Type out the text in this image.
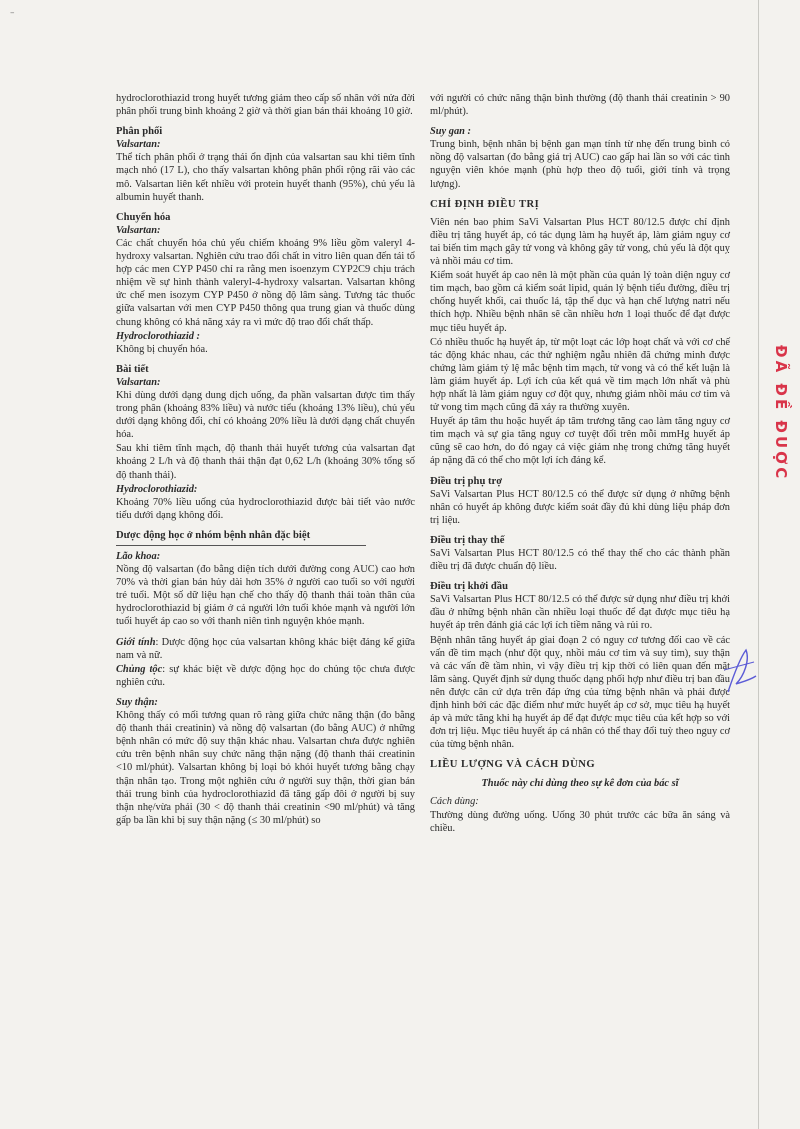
–

hydroclorothiazid trong huyết tương giảm theo cấp số nhân với nửa đời phân phối trung bình khoảng 2 giờ và thời gian bán thải khoảng 10 giờ.

Phân phối
Valsartan:

Thể tích phân phối ở trạng thái ổn định của valsartan sau khi tiêm tĩnh mạch nhỏ (17 L), cho thấy valsartan không phân phối rộng rãi vào các mô. Valsartan liên kết nhiều với protein huyết thanh (95%), chủ yếu là albumin huyết thanh.

Chuyển hóa
Valsartan:

Các chất chuyển hóa chủ yếu chiếm khoảng 9% liều gồm valeryl 4-hydroxy valsartan. Nghiên cứu trao đổi chất in vitro liên quan đến tái tổ hợp các men CYP P450 chỉ ra rằng men isoenzym CYP2C9 chịu trách nhiệm về sự hình thành valeryl-4-hydroxy valsartan. Valsartan không ức chế men isozym CYP P450 ở nồng độ lâm sàng. Tương tác thuốc giữa valsartan với men CYP P450 thông qua trung gian và thuốc dùng chung không có khả năng xảy ra vì mức độ trao đổi chất thấp.

Hydroclorothiazid :

Không bị chuyển hóa.

Bài tiết
Valsartan:

Khi dùng dưới dạng dung dịch uống, đa phần valsartan được tìm thấy trong phân (khoảng 83% liều) và nước tiểu (khoảng 13% liều), chủ yếu dưới dạng không đổi, chỉ có khoảng 20% liều là dưới dạng chất chuyển hóa.

Sau khi tiêm tĩnh mạch, độ thanh thải huyết tương của valsartan đạt khoảng 2 L/h và độ thanh thải thận đạt 0,62 L/h (khoảng 30% tổng số độ thanh thải).

Hydroclorothiazid:

Khoảng 70% liều uống của hydroclorothiazid được bài tiết vào nước tiểu dưới dạng không đổi.

Dược động học ở nhóm bệnh nhân đặc biệt
Lão khoa:

Nồng độ valsartan (đo bằng diện tích dưới đường cong AUC) cao hơn 70% và thời gian bán hủy dài hơn 35% ở người cao tuổi so với người trẻ tuổi. Một số dữ liệu hạn chế cho thấy độ thanh thải toàn thân của hydroclorothiazid bị giảm ở cả người lớn tuổi khỏe mạnh và người lớn tuổi huyết áp cao so với thanh niên tình nguyện khỏe mạnh.

Giới tính: Dược động học của valsartan không khác biệt đáng kể giữa nam và nữ.

Chủng tộc: sự khác biệt về dược động học do chủng tộc chưa được nghiên cứu.

Suy thận:

Không thấy có mối tương quan rõ ràng giữa chức năng thận (đo bằng độ thanh thải creatinin) và nồng độ valsartan (đo bằng AUC) ở những bệnh nhân có mức độ suy thận khác nhau. Valsartan chưa được nghiên cứu trên bệnh nhân suy chức năng thận nặng (độ thanh thải creatinin <10 ml/phút). Valsartan không bị loại bỏ khỏi huyết tương bằng chạy thận nhân tạo. Trong một nghiên cứu ở người suy thận, thời gian bán thải trung bình của hydroclorothiazid đã tăng gấp đôi ở người bị suy thận nhẹ/vừa phải (30 < độ thanh thải creatinin <90 ml/phút) và tăng gấp ba lần khi bị suy thận nặng (≤ 30 ml/phút) so

với người có chức năng thận bình thường (độ thanh thải creatinin > 90 ml/phút).

Suy gan :

Trung bình, bệnh nhân bị bệnh gan mạn tính từ nhẹ đến trung bình có nồng độ valsartan (đo bằng giá trị AUC) cao gấp hai lần so với các tình nguyện viên khỏe mạnh (phù hợp theo độ tuổi, giới tính và trọng lượng).

CHỈ ĐỊNH ĐIỀU TRỊ

Viên nén bao phim SaVi Valsartan Plus HCT 80/12.5 được chỉ định điều trị tăng huyết áp, có tác dụng làm hạ huyết áp, làm giảm nguy cơ tai biến tim mạch gây tử vong và không gây tử vong, chủ yếu là đột quỵ và nhồi máu cơ tim.

Kiểm soát huyết áp cao nên là một phần của quản lý toàn diện nguy cơ tim mạch, bao gồm cả kiểm soát lipid, quản lý bệnh tiểu đường, điều trị chống huyết khối, cai thuốc lá, tập thể dục và hạn chế lượng natri nếu thích hợp. Nhiều bệnh nhân sẽ cần nhiều hơn 1 loại thuốc để đạt được mục tiêu huyết áp.

Có nhiều thuốc hạ huyết áp, từ một loạt các lớp hoạt chất và với cơ chế tác động khác nhau, các thử nghiệm ngẫu nhiên đã chứng minh được chứng làm giảm tỷ lệ mắc bệnh tim mạch, tử vong và có thể kết luận là làm giảm huyết áp. Lợi ích của kết quả về tim mạch lớn nhất và phù hợp nhất là làm giảm nguy cơ đột quỵ, nhưng giảm nhồi máu cơ tim và tử vong tim mạch cũng đã xảy ra thường xuyên.

Huyết áp tâm thu hoặc huyết áp tâm trương tăng cao làm tăng nguy cơ tim mạch và sự gia tăng nguy cơ tuyệt đối trên mỗi mmHg huyết áp cũng sẽ cao hơn, do đó ngay cả việc giảm nhẹ trong chứng tăng huyết áp nặng đã có thể cho một lợi ích đáng kể.

Điều trị phụ trợ

SaVi Valsartan Plus HCT 80/12.5 có thể được sử dụng ở những bệnh nhân có huyết áp không được kiểm soát đầy đủ khi dùng liệu pháp đơn trị liệu.

Điều trị thay thế

SaVi Valsartan Plus HCT 80/12.5 có thể thay thế cho các thành phần điều trị đã được chuẩn độ liều.

Điều trị khởi đầu

SaVi Valsartan Plus HCT 80/12.5 có thể được sử dụng như điều trị khởi đầu ở những bệnh nhân cần nhiều loại thuốc để đạt được mục tiêu hạ huyết áp trên đánh giá các lợi ích tiềm năng và rủi ro.

Bệnh nhân tăng huyết áp giai đoạn 2 có nguy cơ tương đối cao về các vấn đề tim mạch (như đột quỵ, nhồi máu cơ tim và suy tim), suy thận và các vấn đề tầm nhìn, vì vậy điều trị kịp thời có liên quan đến mặt lâm sàng. Quyết định sử dụng thuốc dạng phối hợp như điều trị ban đầu nên được cân cứ dựa trên đáp ứng của từng bệnh nhân và phải được định hình bởi các đặc điểm như mức huyết áp cơ sở, mục tiêu hạ huyết áp và mức tăng khi hạ huyết áp để đạt được mục tiêu của kết hợp so với đơn trị liệu. Mục tiêu huyết áp cá nhân có thể thay đổi tuỳ theo nguy cơ của từng bệnh nhân.

LIỀU LƯỢNG VÀ CÁCH DÙNG

Thuốc này chỉ dùng theo sự kê đơn của bác sĩ

Cách dùng:

Thường dùng đường uống. Uống 30 phút trước các bữa ăn sáng và chiều.

ĐÃ ĐỀ ĐUỢC
